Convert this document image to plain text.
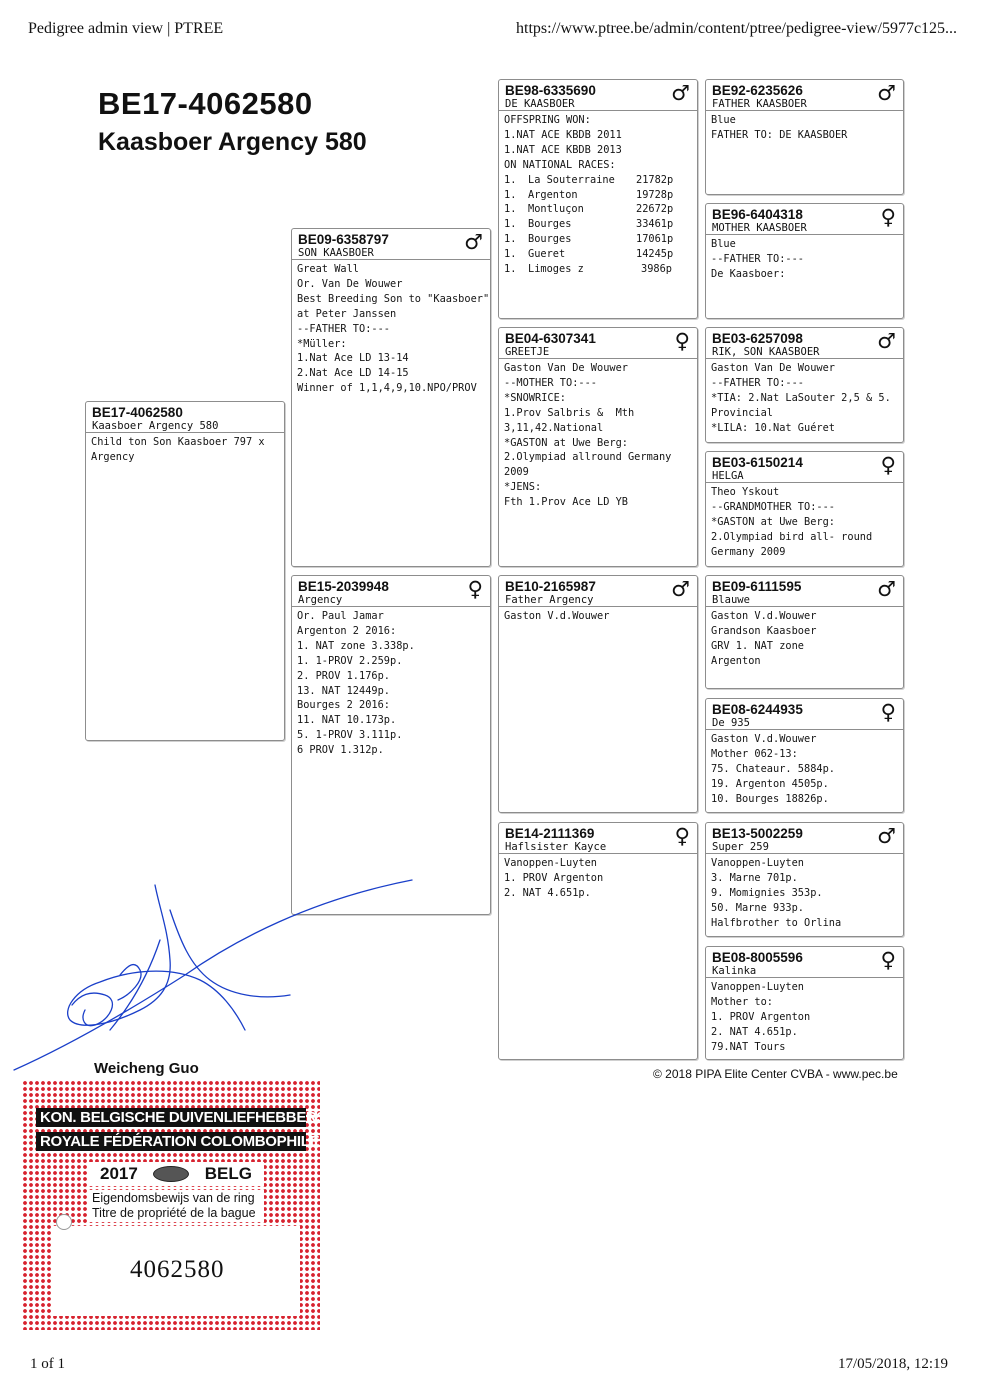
Pedigree admin view | PTREE	https://www.ptree.be/admin/content/ptree/pedigree-view/5977c125...
BE17-4062580
Kaasboer Argency 580
BE17-4062580
Kaasboer Argency 580
Child ton Son Kaasboer 797 x
Argency
BE09-6358797
SON KAASBOER	♂
Great Wall
Or. Van De Wouwer
Best Breeding Son to "Kaasboer"
at Peter Janssen
--FATHER TO:---
*Müller:
1.Nat Ace LD 13-14
2.Nat Ace LD 14-15
Winner of 1,1,4,9,10.NPO/PROV
BE15-2039948
Argency	♀
Or. Paul Jamar
Argenton 2 2016:
1. NAT zone 3.338p.
1. 1-PROV 2.259p.
2. PROV 1.176p.
13. NAT 12449p.
Bourges 2 2016:
11. NAT 10.173p.
5. 1-PROV 3.111p.
6 PROV 1.312p.
BE98-6335690
DE KAASBOER	♂
OFFSPRING WON:
1.NAT ACE KBDB 2011
1.NAT ACE KBDB 2013
ON NATIONAL RACES:
1.	La Souterraine	21782p
1.	Argenton	19728p
1.	Montluçon	22672p
1.	Bourges	33461p
1.	Bourges	17061p
1.	Gueret	14245p
1.	Limoges z	3986p
BE04-6307341
GREETJE	♀
Gaston Van De Wouwer
--MOTHER TO:---
*SNOWRICE:
1.Prov Salbris &  Mth
3,11,42.National
*GASTON at Uwe Berg:
2.Olympiad allround Germany
2009
*JENS:
Fth 1.Prov Ace LD YB
BE10-2165987
Father Argency	♂
Gaston V.d.Wouwer
BE14-2111369
Haflsister Kayce	♀
Vanoppen-Luyten
1. PROV Argenton
2. NAT 4.651p.
BE92-6235626
FATHER KAASBOER	♂
Blue
FATHER TO: DE KAASBOER
BE96-6404318
MOTHER KAASBOER	♀
Blue
--FATHER TO:---
De Kaasboer:
BE03-6257098
RIK, SON KAASBOER	♂
Gaston Van De Wouwer
--FATHER TO:---
*TIA: 2.Nat LaSouter 2,5 & 5.
Provincial
*LILA: 10.Nat Guéret
BE03-6150214
HELGA	♀
Theo Yskout
--GRANDMOTHER TO:---
*GASTON at Uwe Berg:
2.Olympiad bird all- round
Germany 2009
BE09-6111595
Blauwe	♂
Gaston V.d.Wouwer
Grandson Kaasboer
GRV 1. NAT zone
Argenton
BE08-6244935
De 935	♀
Gaston V.d.Wouwer
Mother 062-13:
75. Chateaur. 5884p.
19. Argenton 4505p.
10. Bourges 18826p.
BE13-5002259
Super 259	♂
Vanoppen-Luyten
3. Marne 701p.
9. Momignies 353p.
50. Marne 933p.
Halfbrother to Orlina
BE08-8005596
Kalinka	♀
Vanoppen-Luyten
Mother to:
1. PROV Argenton
2. NAT 4.651p.
79.NAT Tours
Weicheng Guo	© 2018 PIPA Elite Center CVBA - www.pec.be
KON. BELGISCHE DUIVENLIEFHEBBERSBOND
ROYALE FÉDÉRATION COLOMBOPHILE BELGE
2017	BELG
Eigendomsbewijs van de ring
Titre de propriété de la bague
4062580
1 of 1	17/05/2018, 12:19
